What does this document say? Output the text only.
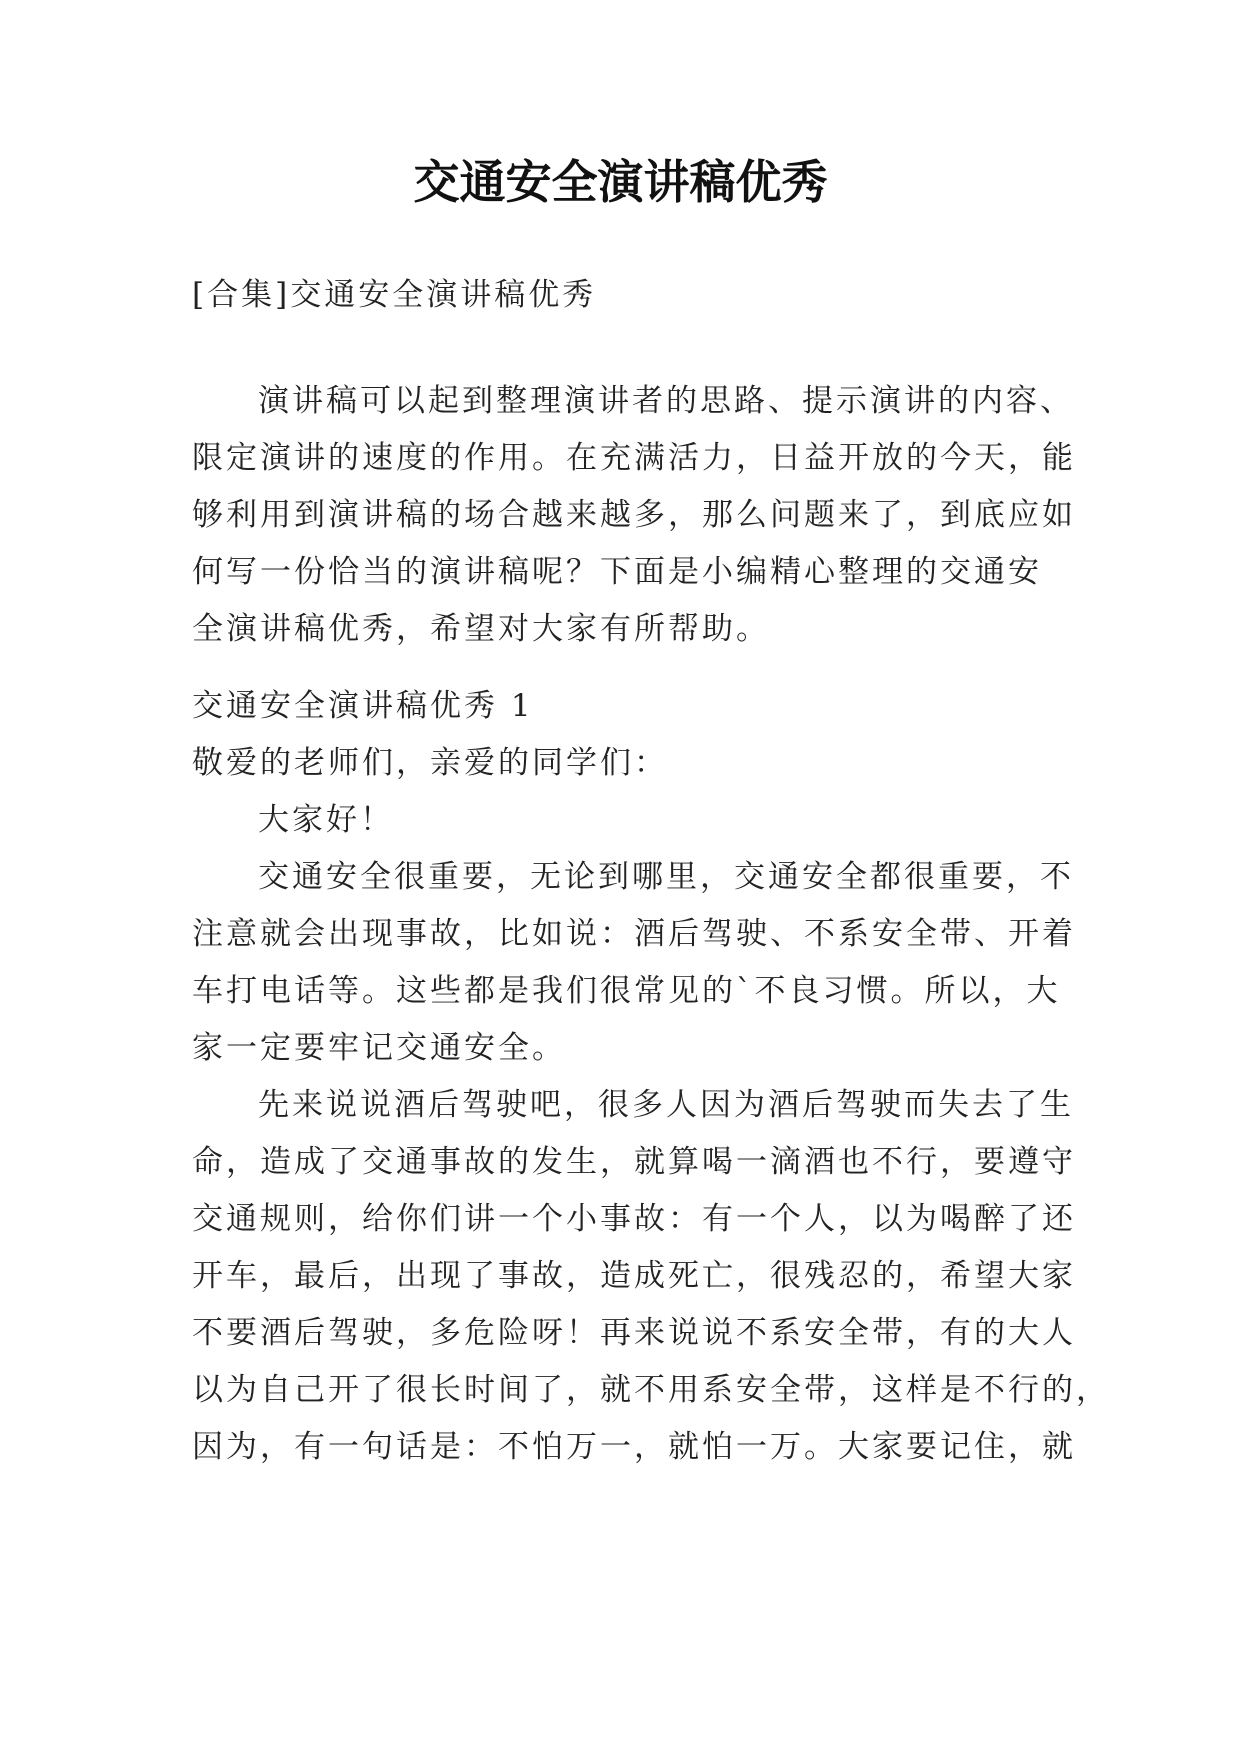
交通安全演讲稿优秀
[合集]交通安全演讲稿优秀
演讲稿可以起到整理演讲者的思路、提示演讲的内容、
限定演讲的速度的作用。在充满活力，日益开放的今天，能
够利用到演讲稿的场合越来越多，那么问题来了，到底应如
何写一份恰当的演讲稿呢？下面是小编精心整理的交通安
全演讲稿优秀，希望对大家有所帮助。
交通安全演讲稿优秀 1
敬爱的老师们，亲爱的同学们：
大家好！
交通安全很重要，无论到哪里，交通安全都很重要，不
注意就会出现事故，比如说：酒后驾驶、不系安全带、开着
车打电话等。这些都是我们很常见的`不良习惯。所以，大
家一定要牢记交通安全。
先来说说酒后驾驶吧，很多人因为酒后驾驶而失去了生
命，造成了交通事故的发生，就算喝一滴酒也不行，要遵守
交通规则，给你们讲一个小事故：有一个人，以为喝醉了还
开车，最后，出现了事故，造成死亡，很残忍的，希望大家
不要酒后驾驶，多危险呀！再来说说不系安全带，有的大人
以为自己开了很长时间了，就不用系安全带，这样是不行的，
因为，有一句话是：不怕万一，就怕一万。大家要记住，就
